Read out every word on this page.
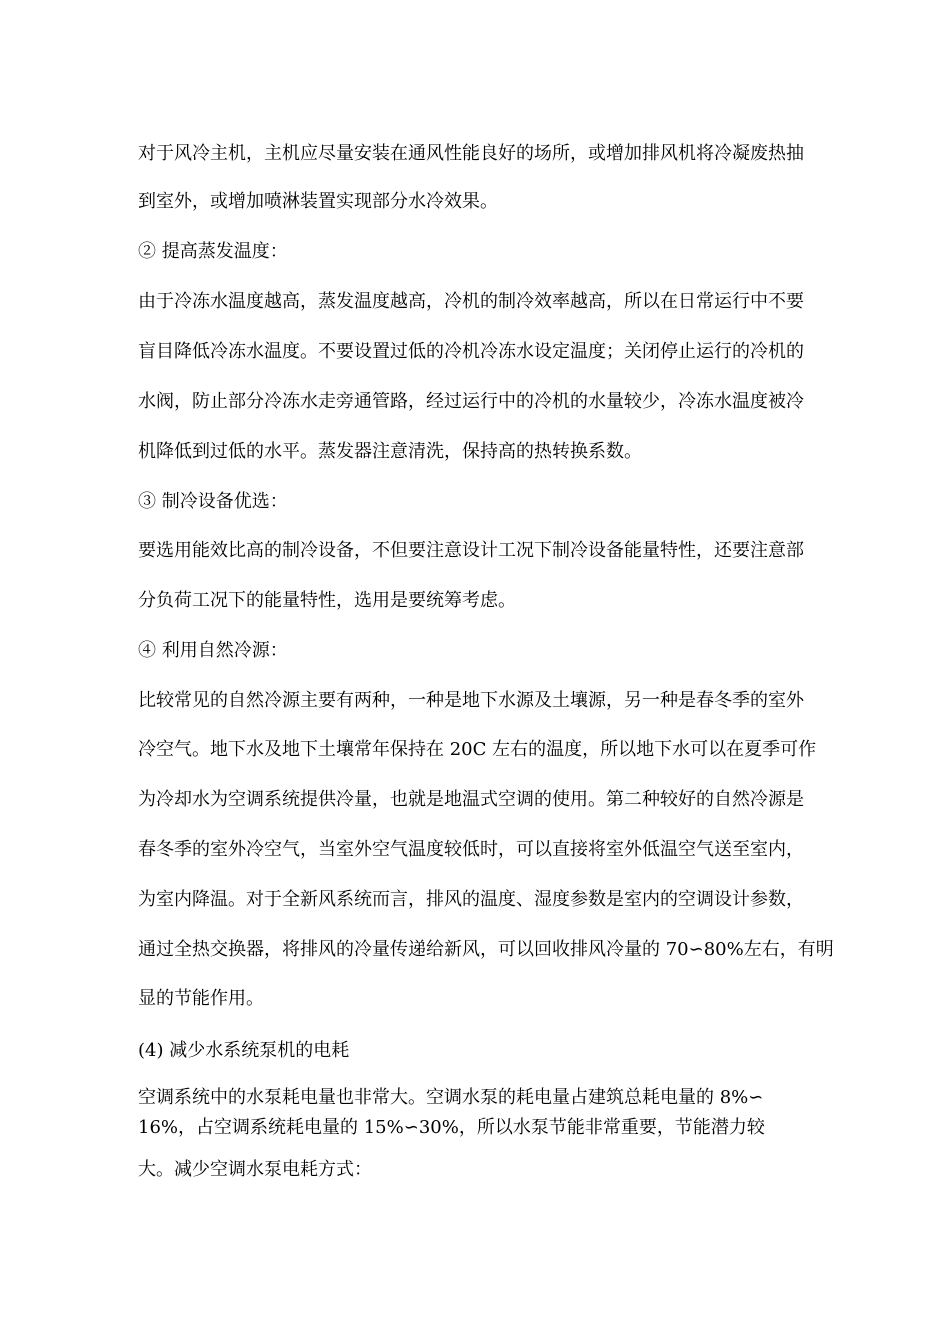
对于风冷主机，主机应尽量安装在通风性能良好的场所，或增加排风机将冷凝废热抽
到室外，或增加喷淋装置实现部分水冷效果。
② 提高蒸发温度：
由于冷冻水温度越高，蒸发温度越高，冷机的制冷效率越高，所以在日常运行中不要
盲目降低冷冻水温度。不要设置过低的冷机冷冻水设定温度；关闭停止运行的冷机的
水阀，防止部分冷冻水走旁通管路，经过运行中的冷机的水量较少，冷冻水温度被冷
机降低到过低的水平。蒸发器注意清洗，保持高的热转换系数。
③ 制冷设备优选：
要选用能效比高的制冷设备，不但要注意设计工况下制冷设备能量特性，还要注意部
分负荷工况下的能量特性，选用是要统筹考虑。
④ 利用自然冷源：
比较常见的自然冷源主要有两种，一种是地下水源及土壤源，另一种是春冬季的室外
冷空气。地下水及地下土壤常年保持在 20C 左右的温度，所以地下水可以在夏季可作
为冷却水为空调系统提供冷量，也就是地温式空调的使用。第二种较好的自然冷源是
春冬季的室外冷空气，当室外空气温度较低时，可以直接将室外低温空气送至室内，
为室内降温。对于全新风系统而言，排风的温度、湿度参数是室内的空调设计参数，
通过全热交换器，将排风的冷量传递给新风，可以回收排风冷量的 70∽80%左右，有明
显的节能作用。
(4) 减少水系统泵机的电耗
空调系统中的水泵耗电量也非常大。空调水泵的耗电量占建筑总耗电量的 8%∽
16%，占空调系统耗电量的 15%∽30%，所以水泵节能非常重要，节能潜力较
大。减少空调水泵电耗方式：
